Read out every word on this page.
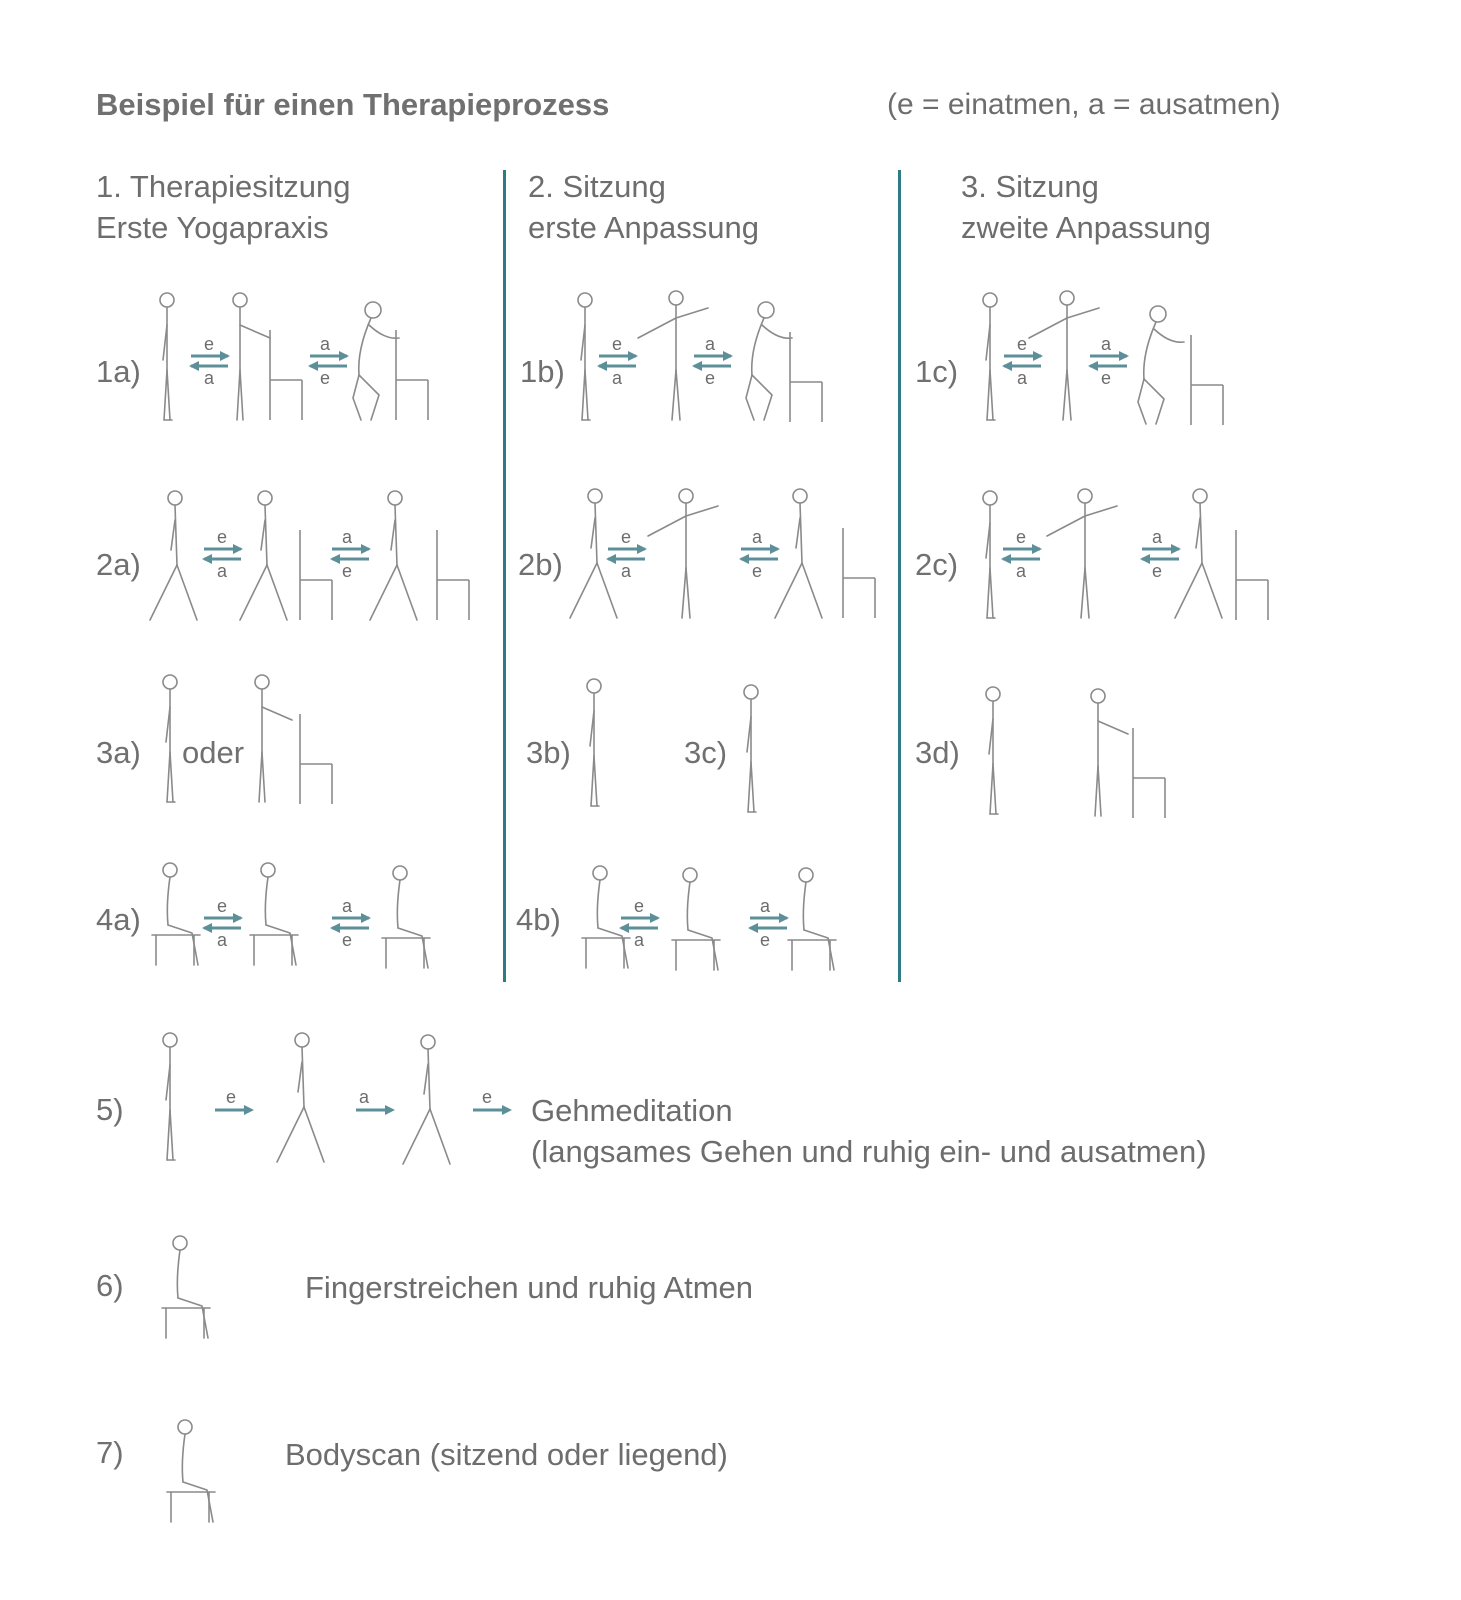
Beispiel für einen Therapieprozess	(e = einatmen, a = ausatmen)
1. Therapiesitzung
Erste Yogapraxis
2. Sitzung
erste Anpassung
3. Sitzung
zweite Anpassung
1a)	1b)	1c)
2a)	2b)	2c)
3a) oder	3b)	3c)	3d)
4a)	4b)
5)
6)
7)
Gehmeditation
(langsames Gehen und ruhig ein- und ausatmen)
Fingerstreichen und ruhig Atmen
Bodyscan (sitzend oder liegend)
e
a
a
e
e
a
a
e
e
a
a
e
e
a
a
e
e
a
a
e
e
a
a
e
e
a
a
e
e
a
a
e
e	a	e
